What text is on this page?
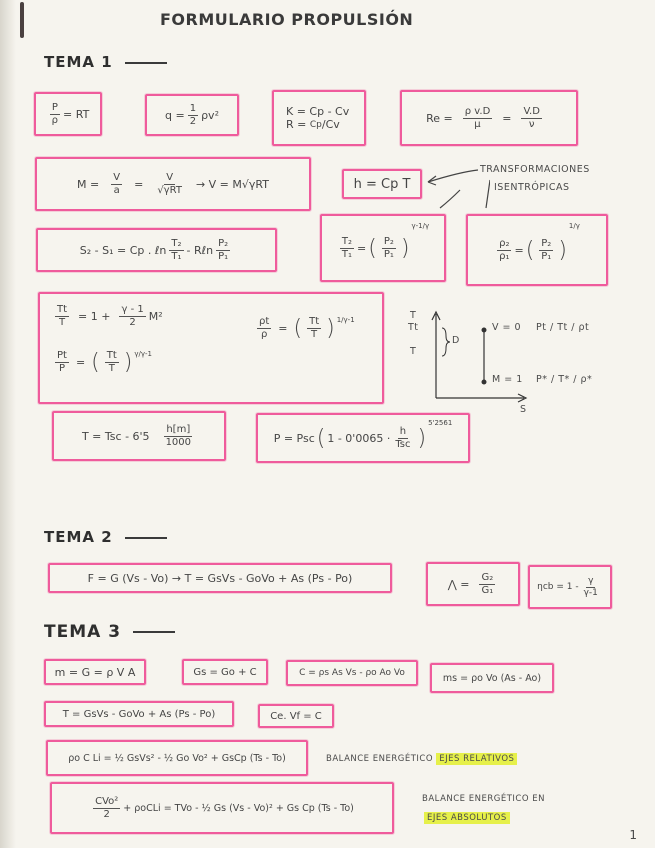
FORMULARIO PROPULSIÓN
TEMA 1
$\frac{P}{\rho}$ = RT	$q = \frac{1}{2} \rho v^2$	K = Cp - Cv
R =
Cp /Cv	$Re = \frac{\text{ρ v.D}}{\mu} = \frac{V.D}{\nu}$
$M = \frac{V}{a} = \frac{V}{\text{√γRT}} \to V = M√\gamma RT$	h = Cp T
TRANSFORMACIONES
ISENTRÓPICAS
S₂ - S₁ = Cp . ℓn $\frac{\text{T₂}}{\text{T₁}}$ - Rℓn $\frac{\text{P₂}}{\text{P₁}}$	$\frac{\text{T₂}}{\text{T₁}}$ = ( $\frac{\text{P₂}}{\text{P₁}}$ )
γ-1/γ
$\frac{\text{ρ₂}}{\text{ρ₁}}$ = ( $\frac{\text{P₂}}{\text{P₁}}$ )
1/γ
$\frac{Tt}{T} = 1 + \frac{\gamma - 1}{2} M^2$
$\frac{Pt}{P}$ = ( $\frac{Tt}{T}$ ) $^{\gamma/\gamma-1}$
$\frac{\rho t}{\rho}$ = ( $\frac{Tt}{T}$ ) $^{1/\gamma-1}$	T
Tt
T
D
V = 0 Pt / Tt / ρt
M = 1 P* / T* / ρ*
S
T = Tsc - $6'5 \frac{h[m]}{1000}$	P = Psc ( $1 - 0'0065 \cdot \frac{h}{\text{Tsc}}$ )
$^{5'2561}$
TEMA 2
F = G (Vs - Vo) → T = GsVs - GoVo + As (Ps - Po)	⋀ = $\frac{\text{G₂}}{\text{G₁}}$	$\eta cb = 1 - \frac{\gamma}{\gamma-1}$
TEMA 3
m = G = ρ V A	Gs = Go + C	C = ρs As Vs - ρo Ao Vo	ms = ρo Vo (As - Ao)
T = GsVs - GoVo + As (Ps - Po)	Ce. Vf = C
ρo C Li = ½ GsVs² - ½ Go Vo² + GsCp (Ts - To)	BALANCE ENERGÉTICO EJES RELATIVOS
$\frac{\text{CVo²}}{2}$ + ρoCLi = TVo - ½ Gs (Vs - Vo)² + Gs Cp (Ts - To)
BALANCE ENERGÉTICO EN
EJES ABSOLUTOS
1
